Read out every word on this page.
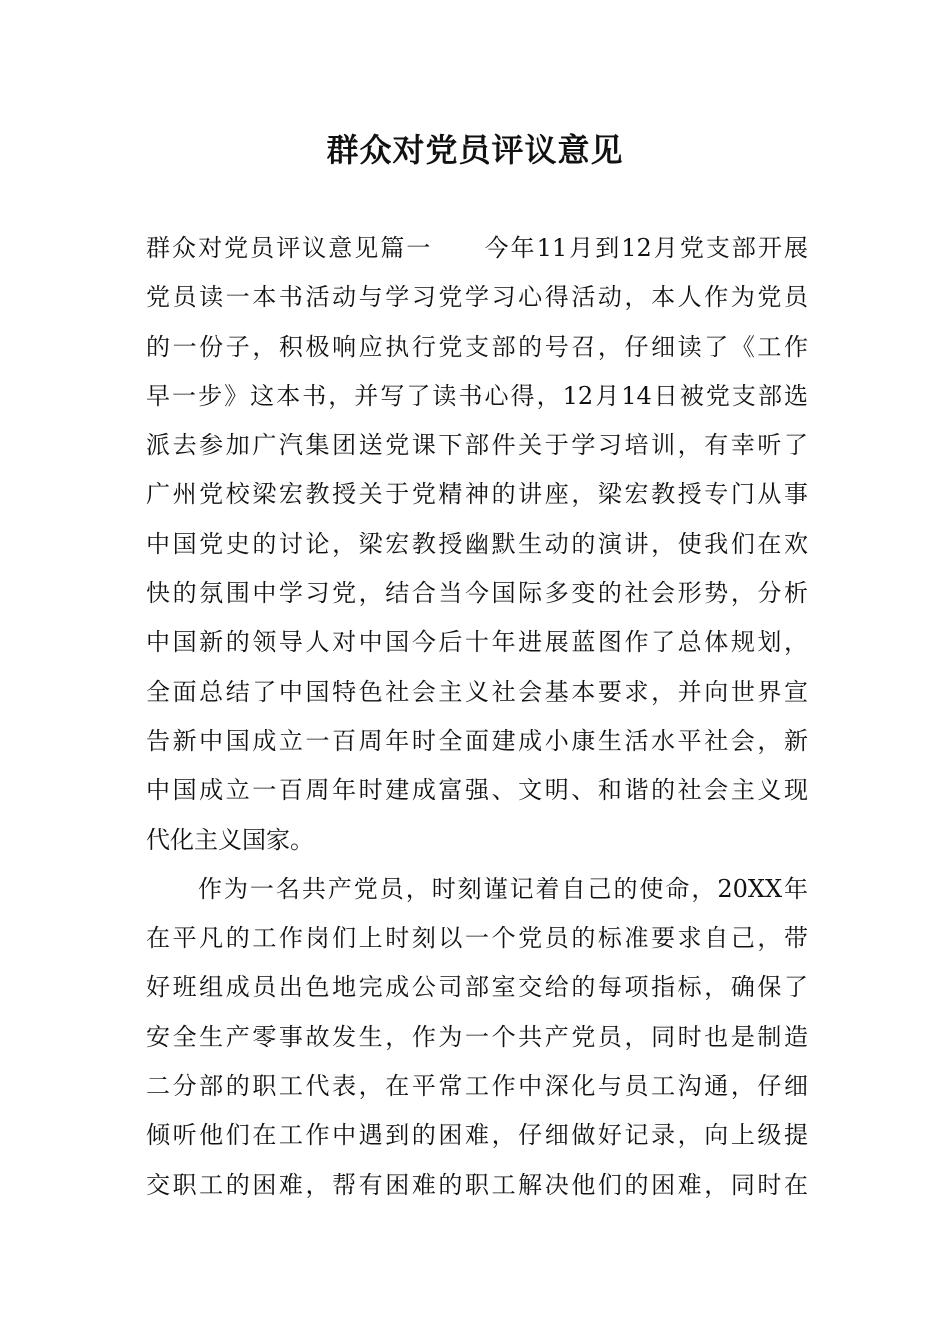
群众对党员评议意见
群众对党员评议意见篇一　　今年11月到12月党支部开展
党员读一本书活动与学习党学习心得活动，本人作为党员
的一份子，积极响应执行党支部的号召，仔细读了《工作
早一步》这本书，并写了读书心得，12月14日被党支部选
派去参加广汽集团送党课下部件关于学习培训，有幸听了
广州党校梁宏教授关于党精神的讲座，梁宏教授专门从事
中国党史的讨论，梁宏教授幽默生动的演讲，使我们在欢
快的氛围中学习党，结合当今国际多变的社会形势，分析
中国新的领导人对中国今后十年进展蓝图作了总体规划，
全面总结了中国特色社会主义社会基本要求，并向世界宣
告新中国成立一百周年时全面建成小康生活水平社会，新
中国成立一百周年时建成富强、文明、和谐的社会主义现
代化主义国家。
作为一名共产党员，时刻谨记着自己的使命，20XX年
在平凡的工作岗们上时刻以一个党员的标准要求自己，带
好班组成员出色地完成公司部室交给的每项指标，确保了
安全生产零事故发生，作为一个共产党员，同时也是制造
二分部的职工代表，在平常工作中深化与员工沟通，仔细
倾听他们在工作中遇到的困难，仔细做好记录，向上级提
交职工的困难，帮有困难的职工解决他们的困难，同时在
